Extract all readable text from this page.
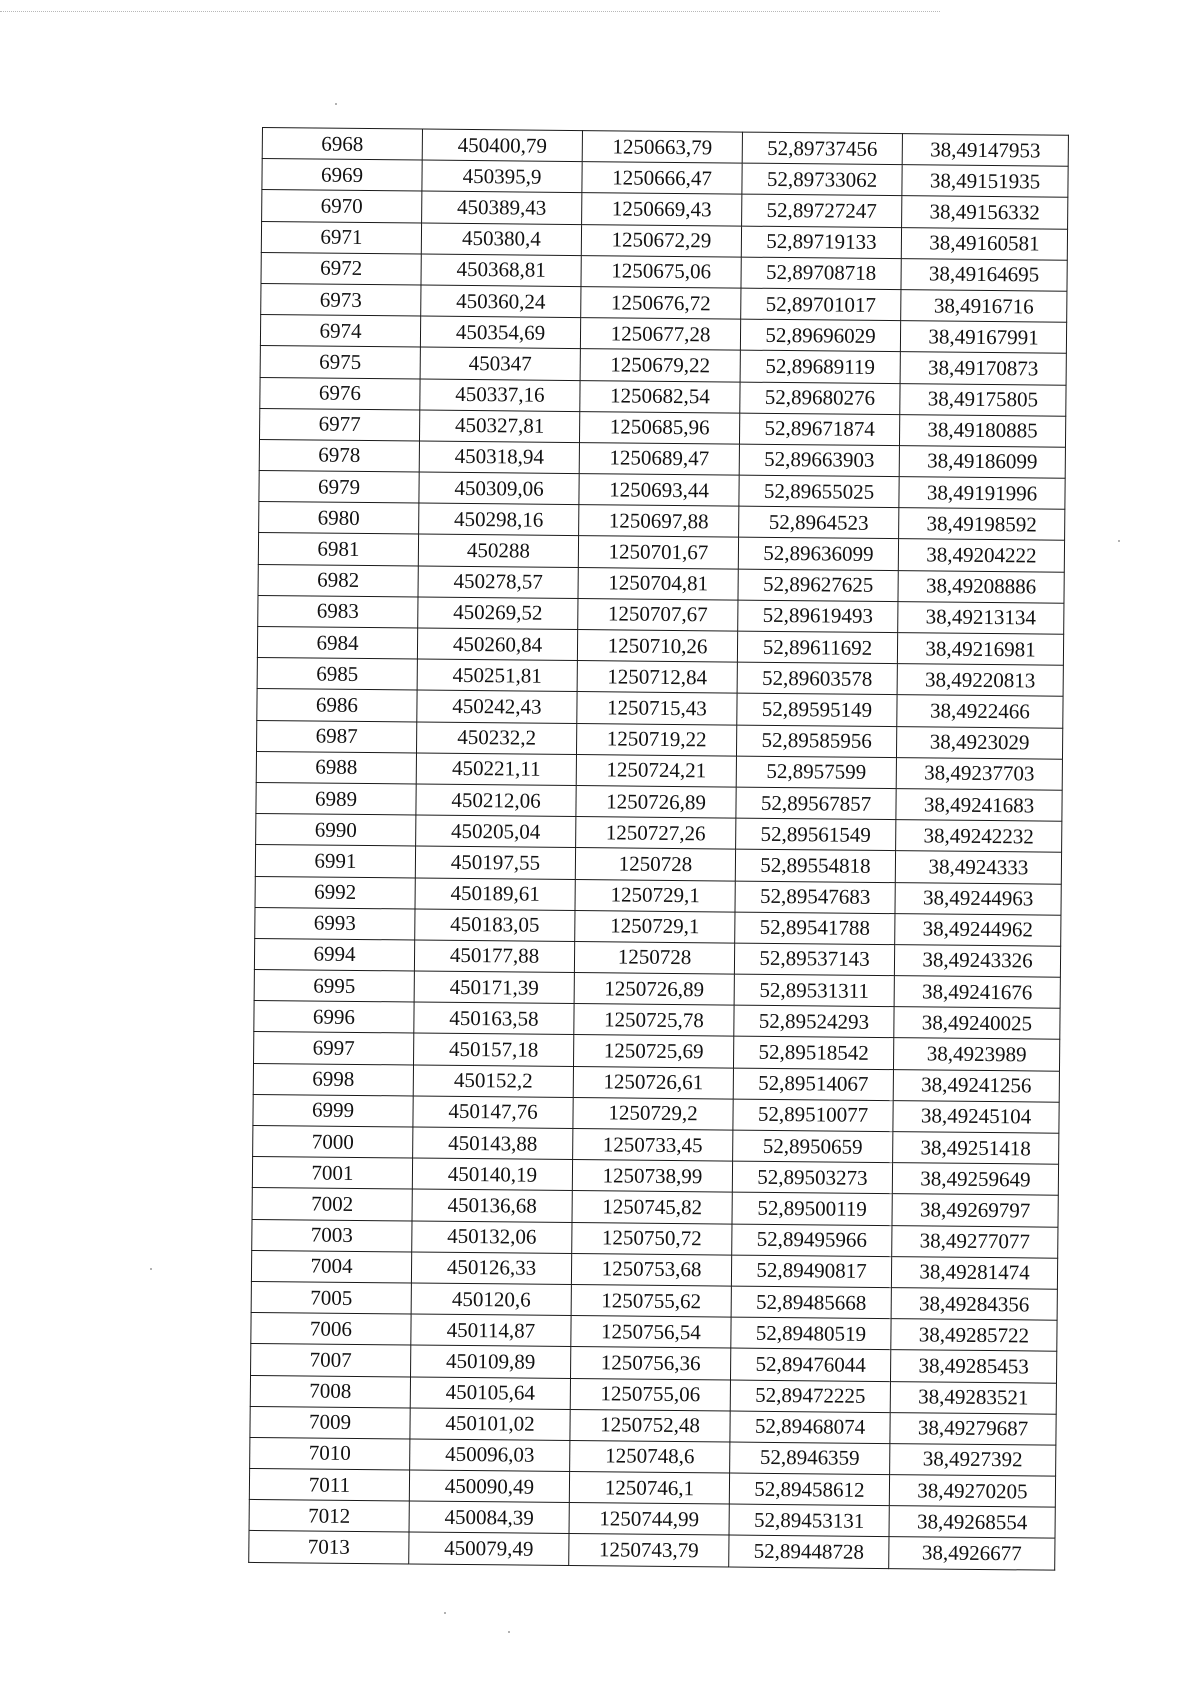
6968	450400,79	1250663,79	52,89737456	38,49147953
6969	450395,9	1250666,47	52,89733062	38,49151935
6970	450389,43	1250669,43	52,89727247	38,49156332
6971	450380,4	1250672,29	52,89719133	38,49160581
6972	450368,81	1250675,06	52,89708718	38,49164695
6973	450360,24	1250676,72	52,89701017	38,4916716
6974	450354,69	1250677,28	52,89696029	38,49167991
6975	450347	1250679,22	52,89689119	38,49170873
6976	450337,16	1250682,54	52,89680276	38,49175805
6977	450327,81	1250685,96	52,89671874	38,49180885
6978	450318,94	1250689,47	52,89663903	38,49186099
6979	450309,06	1250693,44	52,89655025	38,49191996
6980	450298,16	1250697,88	52,8964523	38,49198592
6981	450288	1250701,67	52,89636099	38,49204222
6982	450278,57	1250704,81	52,89627625	38,49208886
6983	450269,52	1250707,67	52,89619493	38,49213134
6984	450260,84	1250710,26	52,89611692	38,49216981
6985	450251,81	1250712,84	52,89603578	38,49220813
6986	450242,43	1250715,43	52,89595149	38,4922466
6987	450232,2	1250719,22	52,89585956	38,4923029
6988	450221,11	1250724,21	52,8957599	38,49237703
6989	450212,06	1250726,89	52,89567857	38,49241683
6990	450205,04	1250727,26	52,89561549	38,49242232
6991	450197,55	1250728	52,89554818	38,4924333
6992	450189,61	1250729,1	52,89547683	38,49244963
6993	450183,05	1250729,1	52,89541788	38,49244962
6994	450177,88	1250728	52,89537143	38,49243326
6995	450171,39	1250726,89	52,89531311	38,49241676
6996	450163,58	1250725,78	52,89524293	38,49240025
6997	450157,18	1250725,69	52,89518542	38,4923989
6998	450152,2	1250726,61	52,89514067	38,49241256
6999	450147,76	1250729,2	52,89510077	38,49245104
7000	450143,88	1250733,45	52,8950659	38,49251418
7001	450140,19	1250738,99	52,89503273	38,49259649
7002	450136,68	1250745,82	52,89500119	38,49269797
7003	450132,06	1250750,72	52,89495966	38,49277077
7004	450126,33	1250753,68	52,89490817	38,49281474
7005	450120,6	1250755,62	52,89485668	38,49284356
7006	450114,87	1250756,54	52,89480519	38,49285722
7007	450109,89	1250756,36	52,89476044	38,49285453
7008	450105,64	1250755,06	52,89472225	38,49283521
7009	450101,02	1250752,48	52,89468074	38,49279687
7010	450096,03	1250748,6	52,8946359	38,4927392
7011	450090,49	1250746,1	52,89458612	38,49270205
7012	450084,39	1250744,99	52,89453131	38,49268554
7013	450079,49	1250743,79	52,89448728	38,4926677
